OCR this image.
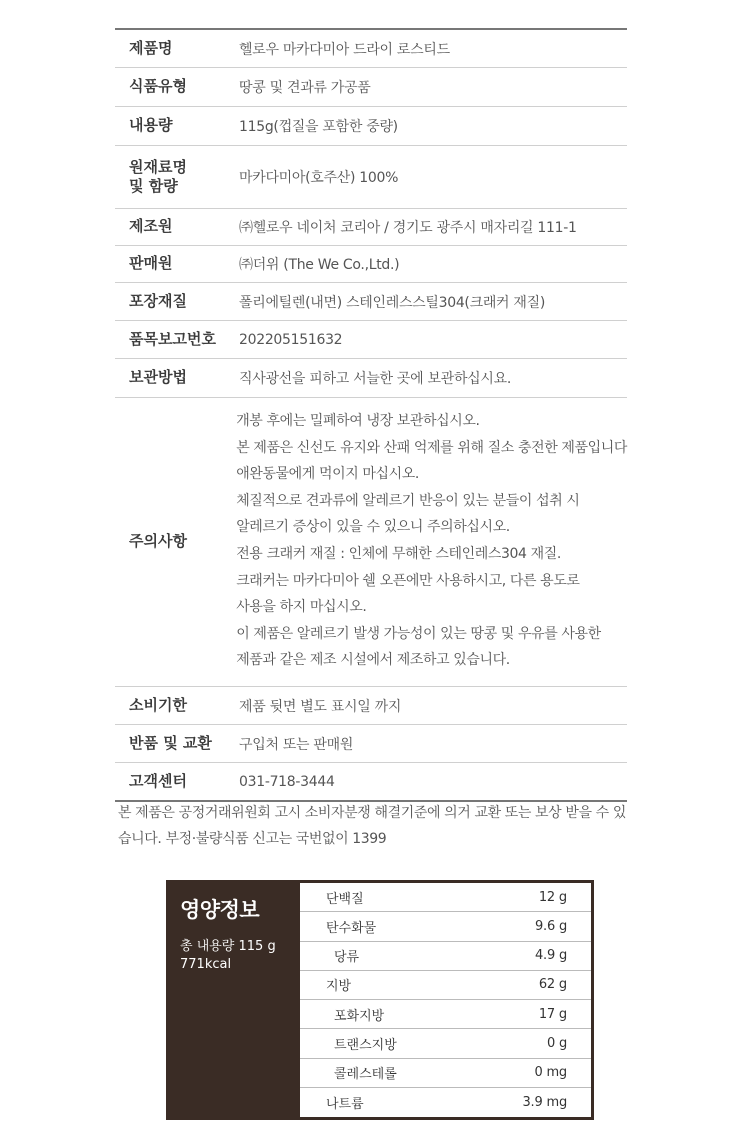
제품명	헬로우 마카다미아 드라이 로스티드
식품유형	땅콩 및 견과류 가공품
내용량	115g(껍질을 포함한 중량)
원재료명
및 함량	마카다미아(호주산) 100%
제조원	㈜헬로우 네이처 코리아 / 경기도 광주시 매자리길 111-1
판매원	㈜더위 (The We Co.,Ltd.)
포장재질	폴리에틸렌(내면) 스테인레스스틸304(크래커 재질)
품목보고번호	202205151632
보관방법	직사광선을 피하고 서늘한 곳에 보관하십시요.
주의사항
개봉 후에는 밀폐하여 냉장 보관하십시오.
본 제품은 신선도 유지와 산패 억제를 위해 질소 충전한 제품입니다
애완동물에게 먹이지 마십시오.
체질적으로 견과류에 알레르기 반응이 있는 분들이 섭취 시
알레르기 증상이 있을 수 있으니 주의하십시오.
전용 크래커 재질 : 인체에 무해한 스테인레스304 재질.
크래커는 마카다미아 쉘 오픈에만 사용하시고, 다른 용도로
사용을 하지 마십시오.
이 제품은 알레르기 발생 가능성이 있는 땅콩 및 우유를 사용한
제품과 같은 제조 시설에서 제조하고 있습니다.
소비기한	제품 뒷면 별도 표시일 까지
반품 및 교환	구입처 또는 판매원
고객센터	031-718-3444
본 제품은 공정거래위원회 고시 소비자분쟁 해결기준에 의거 교환 또는 보상 받을 수 있습니다. 부정·불량식품 신고는 국번없이 1399
영양정보
총 내용량 115 g
771kcal
단백질	12 g
탄수화물	9.6 g
당류	4.9 g
지방	62 g
포화지방	17 g
트랜스지방	0 g
콜레스테롤	0 mg
나트륨	3.9 mg
